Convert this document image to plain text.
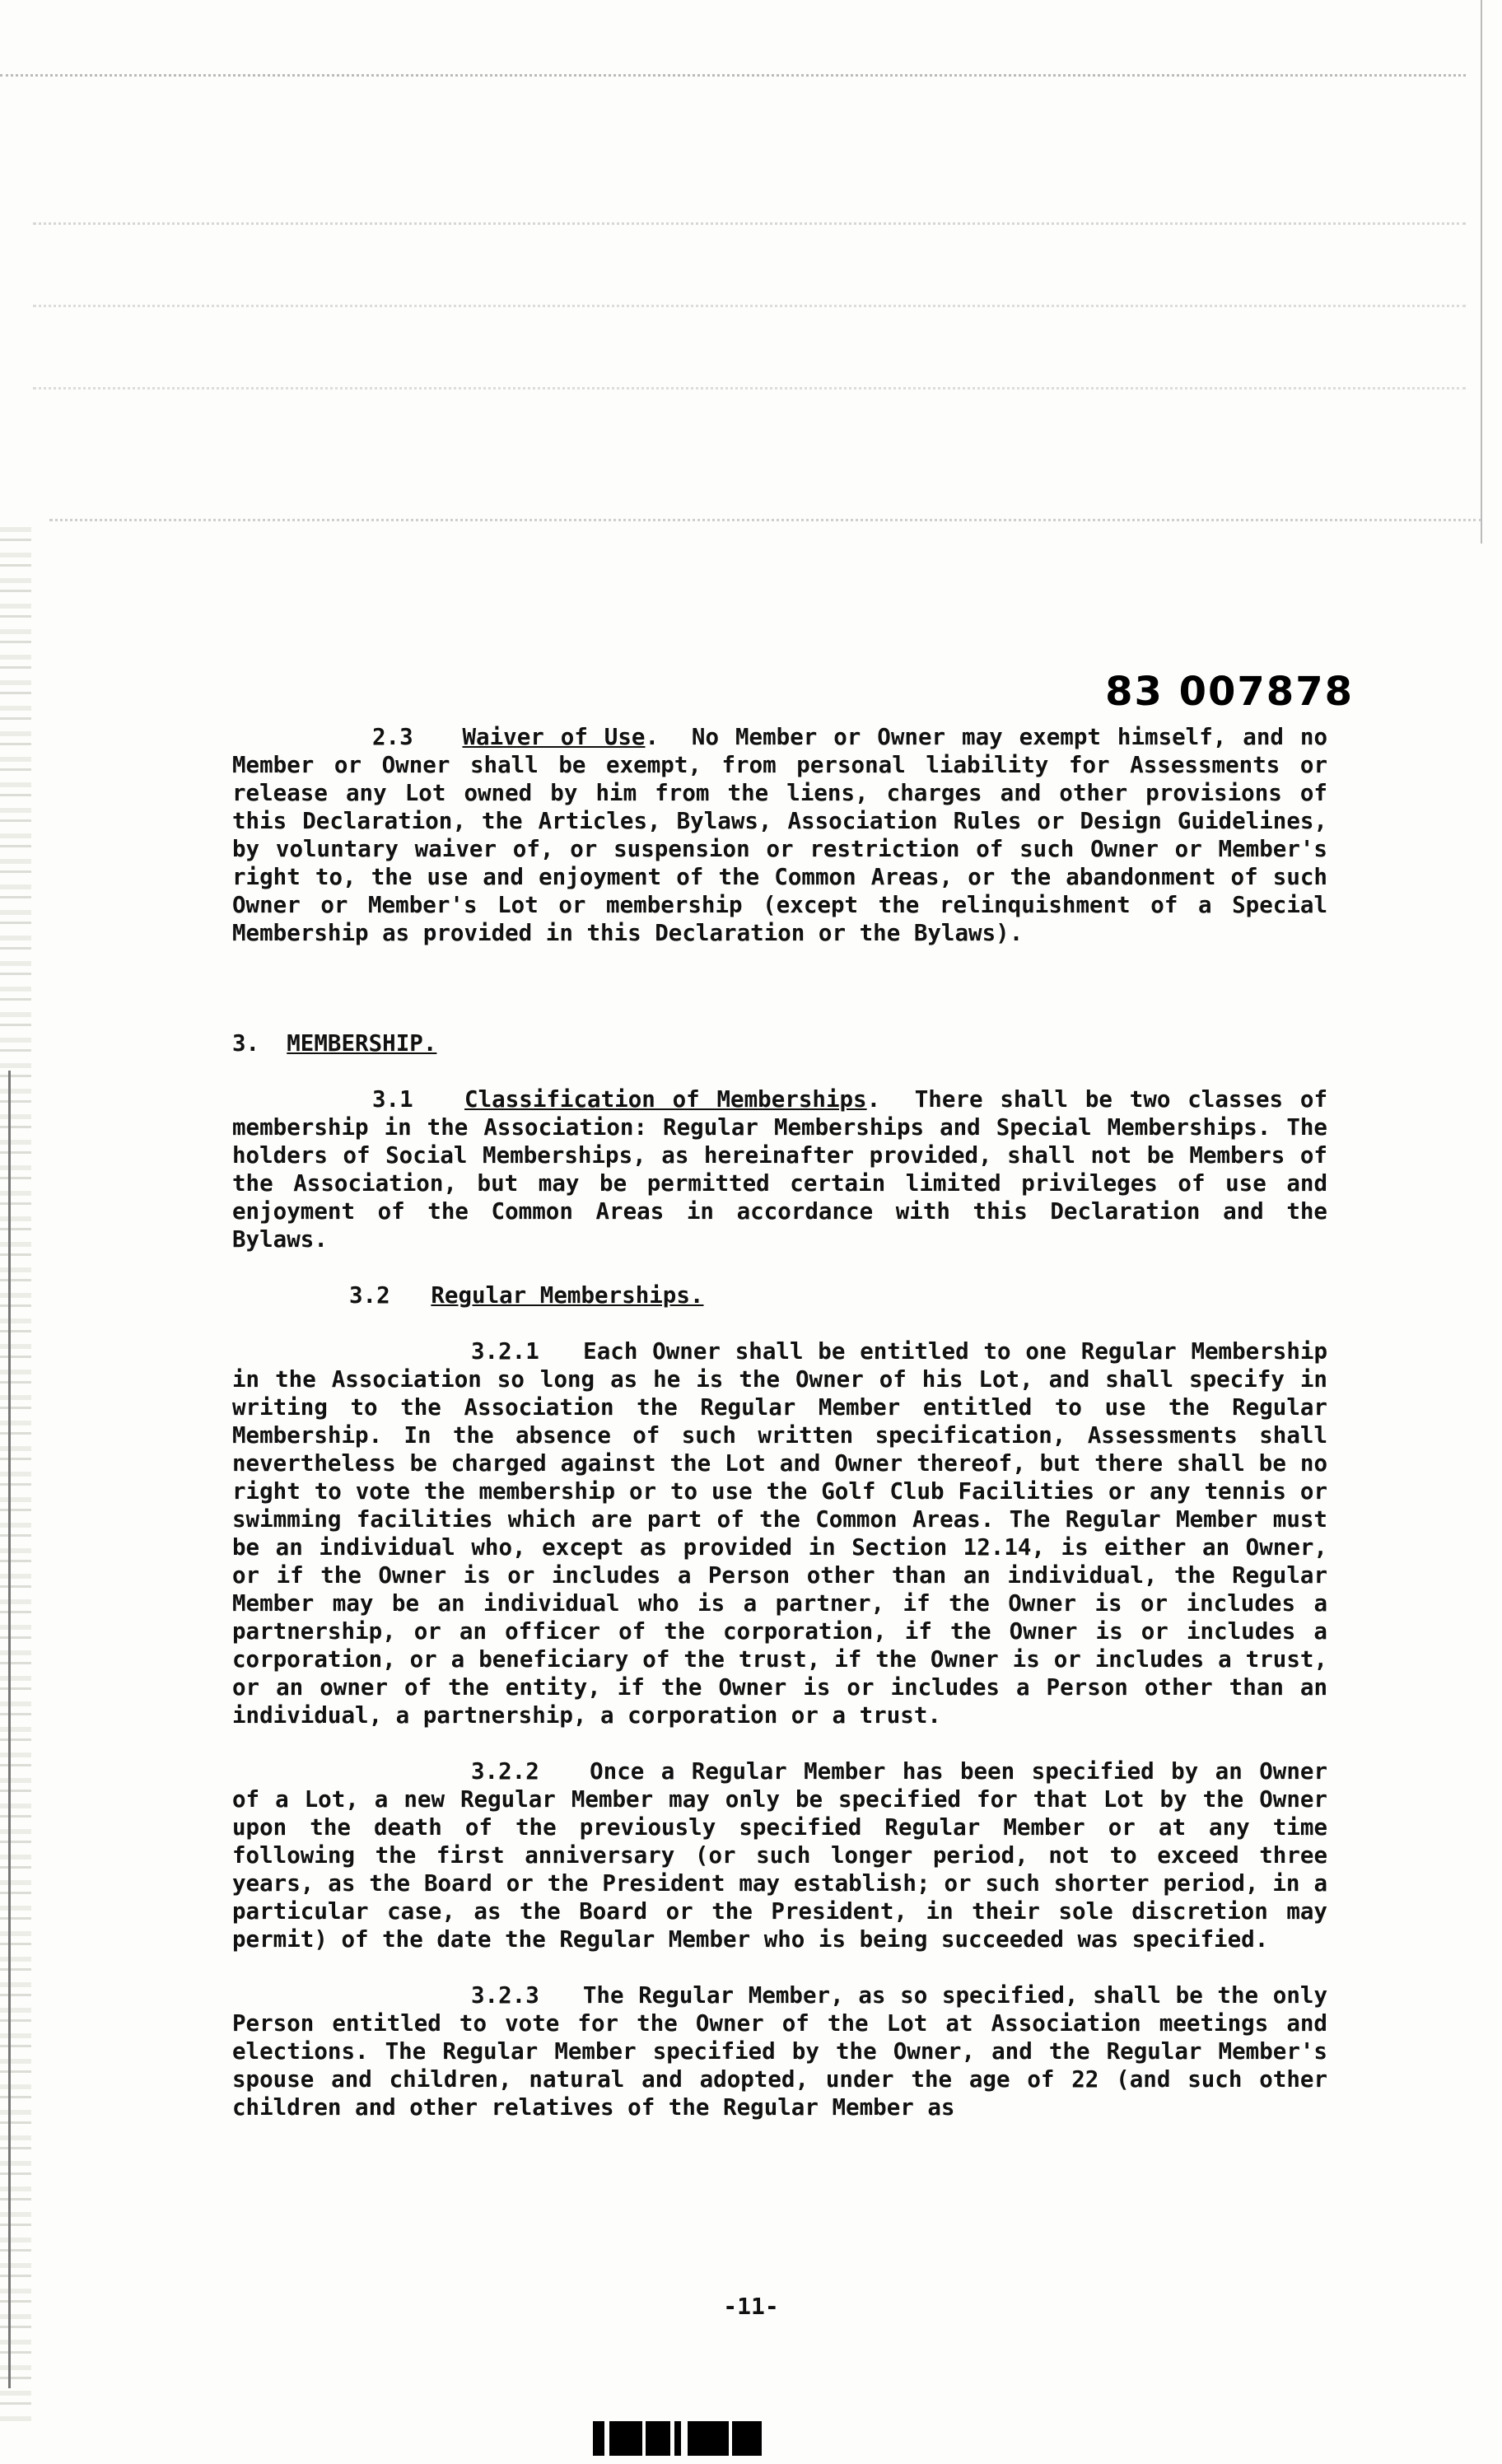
83 007878

2.3 Waiver of Use.  No Member or Owner may exempt himself, and no Member or Owner shall be exempt, from personal liability for Assessments or release any Lot owned by him from the liens, charges and other provisions of this Declaration, the Articles, Bylaws, Association Rules or Design Guidelines, by voluntary waiver of, or suspension or restriction of such Owner or Member's right to, the use and enjoyment of the Common Areas, or the abandonment of such Owner or Member's Lot or membership (except the relinquishment of a Special Membership as provided in this Declaration or the Bylaws).

3. MEMBERSHIP.

3.1 Classification of Memberships.  There shall be two classes of membership in the Association: Regular Memberships and Special Memberships. The holders of Social Memberships, as hereinafter provided, shall not be Members of the Association, but may be permitted certain limited privileges of use and enjoyment of the Common Areas in accordance with this Declaration and the Bylaws.

3.2 Regular Memberships.

3.2.1 Each Owner shall be entitled to one Regular Membership in the Association so long as he is the Owner of his Lot, and shall specify in writing to the Association the Regular Member entitled to use the Regular Membership. In the absence of such written specification, Assessments shall nevertheless be charged against the Lot and Owner thereof, but there shall be no right to vote the membership or to use the Golf Club Facilities or any tennis or swimming facilities which are part of the Common Areas. The Regular Member must be an individual who, except as provided in Section 12.14, is either an Owner, or if the Owner is or includes a Person other than an individual, the Regular Member may be an individual who is a partner, if the Owner is or includes a partnership, or an officer of the corporation, if the Owner is or includes a corporation, or a beneficiary of the trust, if the Owner is or includes a trust, or an owner of the entity, if the Owner is or includes a Person other than an individual, a partnership, a corporation or a trust.

3.2.2 Once a Regular Member has been specified by an Owner of a Lot, a new Regular Member may only be specified for that Lot by the Owner upon the death of the previously specified Regular Member or at any time following the first anniversary (or such longer period, not to exceed three years, as the Board or the President may establish; or such shorter period, in a particular case, as the Board or the President, in their sole discretion may permit) of the date the Regular Member who is being succeeded was specified.

3.2.3 The Regular Member, as so specified, shall be the only Person entitled to vote for the Owner of the Lot at Association meetings and elections. The Regular Member specified by the Owner, and the Regular Member's spouse and children, natural and adopted, under the age of 22 (and such other children and other relatives of the Regular Member as

-11-
